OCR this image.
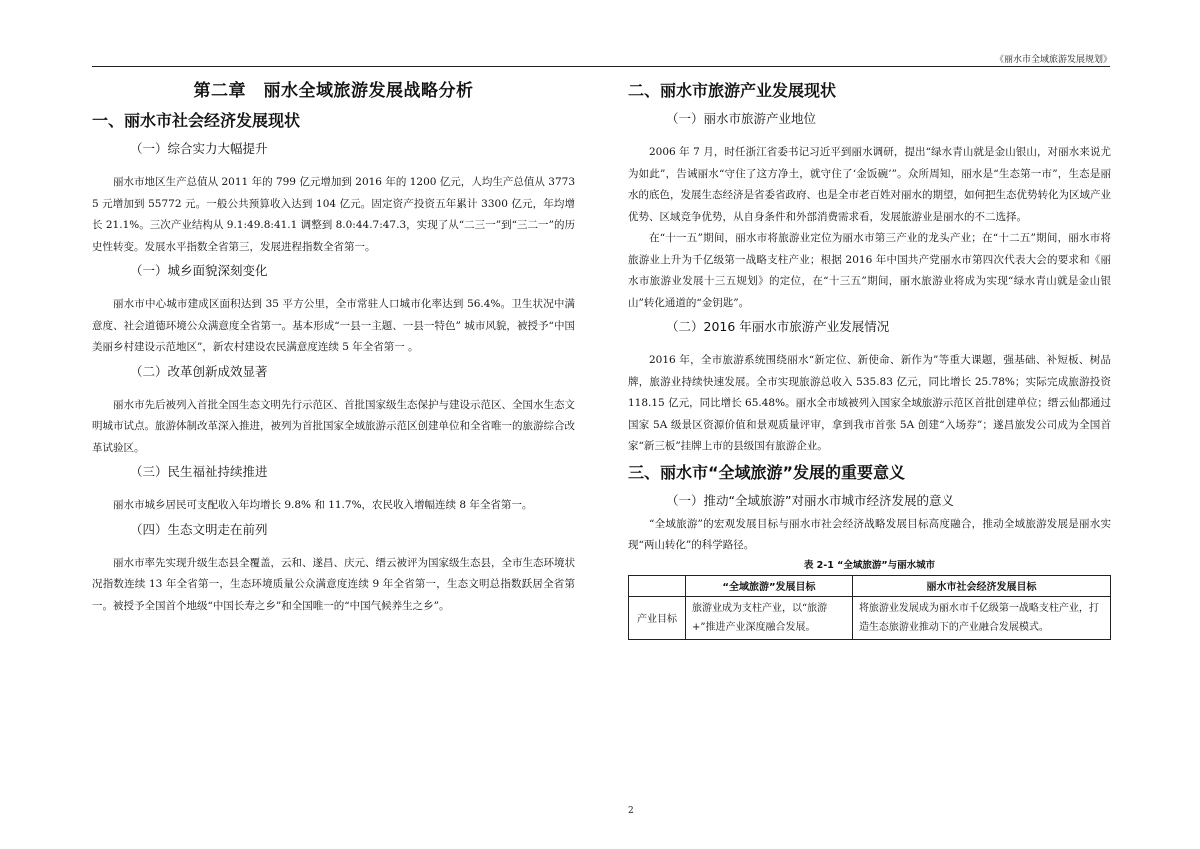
《丽水市全域旅游发展规划》
第二章　丽水全域旅游发展战略分析
一、丽水市社会经济发展现状
（一）综合实力大幅提升

丽水市地区生产总值从 2011 年的 799 亿元增加到 2016 年的 1200 亿元，人均生产总值从 37735 元增加到 55772 元。一般公共预算收入达到 104 亿元。固定资产投资五年累计 3300 亿元，年均增长 21.1%。三次产业结构从 9.1:49.8:41.1 调整到 8.0:44.7:47.3，实现了从“二三一”到“三二一”的历史性转变。发展水平指数全省第三，发展进程指数全省第一。

（一）城乡面貌深刻变化

丽水市中心城市建成区面积达到 35 平方公里，全市常驻人口城市化率达到 56.4%。卫生状况中满意度、社会道德环境公众满意度全省第一。基本形成“一县一主题、一县一特色” 城市风貌，被授予“中国美丽乡村建设示范地区”，新农村建设农民满意度连续 5 年全省第一 。

（二）改革创新成效显著

丽水市先后被列入首批全国生态文明先行示范区、首批国家级生态保护与建设示范区、全国水生态文明城市试点。旅游体制改革深入推进，被列为首批国家全域旅游示范区创建单位和全省唯一的旅游综合改革试验区。

（三）民生福祉持续推进

丽水市城乡居民可支配收入年均增长 9.8% 和 11.7%，农民收入增幅连续 8 年全省第一。

（四）生态文明走在前列

丽水市率先实现升级生态县全覆盖，云和、遂昌、庆元、缙云被评为国家级生态县，全市生态环境状况指数连续 13 年全省第一，生态环境质量公众满意度连续 9 年全省第一，生态文明总指数跃居全省第一。被授予全国首个地级“中国长寿之乡”和全国唯一的“中国气候养生之乡”。

二、丽水市旅游产业发展现状
（一）丽水市旅游产业地位

2006 年 7 月，时任浙江省委书记习近平到丽水调研，提出“绿水青山就是金山银山，对丽水来说尤为如此”，告诫丽水“守住了这方净土，就守住了‘金饭碗’”。众所周知，丽水是“生态第一市”，生态是丽水的底色，发展生态经济是省委省政府、也是全市老百姓对丽水的期望，如何把生态优势转化为区域产业优势、区域竞争优势，从自身条件和外部消费需求看，发展旅游业是丽水的不二选择。

在“十一五”期间，丽水市将旅游业定位为丽水市第三产业的龙头产业；在“十二五”期间，丽水市将旅游业上升为千亿级第一战略支柱产业；根据 2016 年中国共产党丽水市第四次代表大会的要求和《丽水市旅游业发展十三五规划》的定位，在“十三五”期间，丽水旅游业将成为实现“绿水青山就是金山银山”转化通道的“金钥匙”。

（二）2016 年丽水市旅游产业发展情况

2016 年，全市旅游系统围绕丽水“新定位、新使命、新作为”等重大课题，强基础、补短板、树品牌，旅游业持续快速发展。全市实现旅游总收入 535.83 亿元，同比增长 25.78%；实际完成旅游投资 118.15 亿元，同比增长 65.48%。丽水全市域被列入国家全域旅游示范区首批创建单位；缙云仙都通过国家 5A 级景区资源价值和景观质量评审，拿到我市首张 5A 创建“入场券”；遂昌旅发公司成为全国首家“新三板”挂牌上市的县级国有旅游企业。

三、丽水市“全域旅游”发展的重要意义
（一）推动“全域旅游”对丽水市城市经济发展的意义

“全域旅游”的宏观发展目标与丽水市社会经济战略发展目标高度融合，推动全域旅游发展是丽水实现“两山转化”的科学路径。

表 2-1 “全域旅游”与丽水城市

	“全域旅游”发展目标	丽水市社会经济发展目标
产业目标	旅游业成为支柱产业，以“旅游+”推进产业深度融合发展。	将旅游业发展成为丽水市千亿级第一战略支柱产业，打造生态旅游业推动下的产业融合发展模式。
2
